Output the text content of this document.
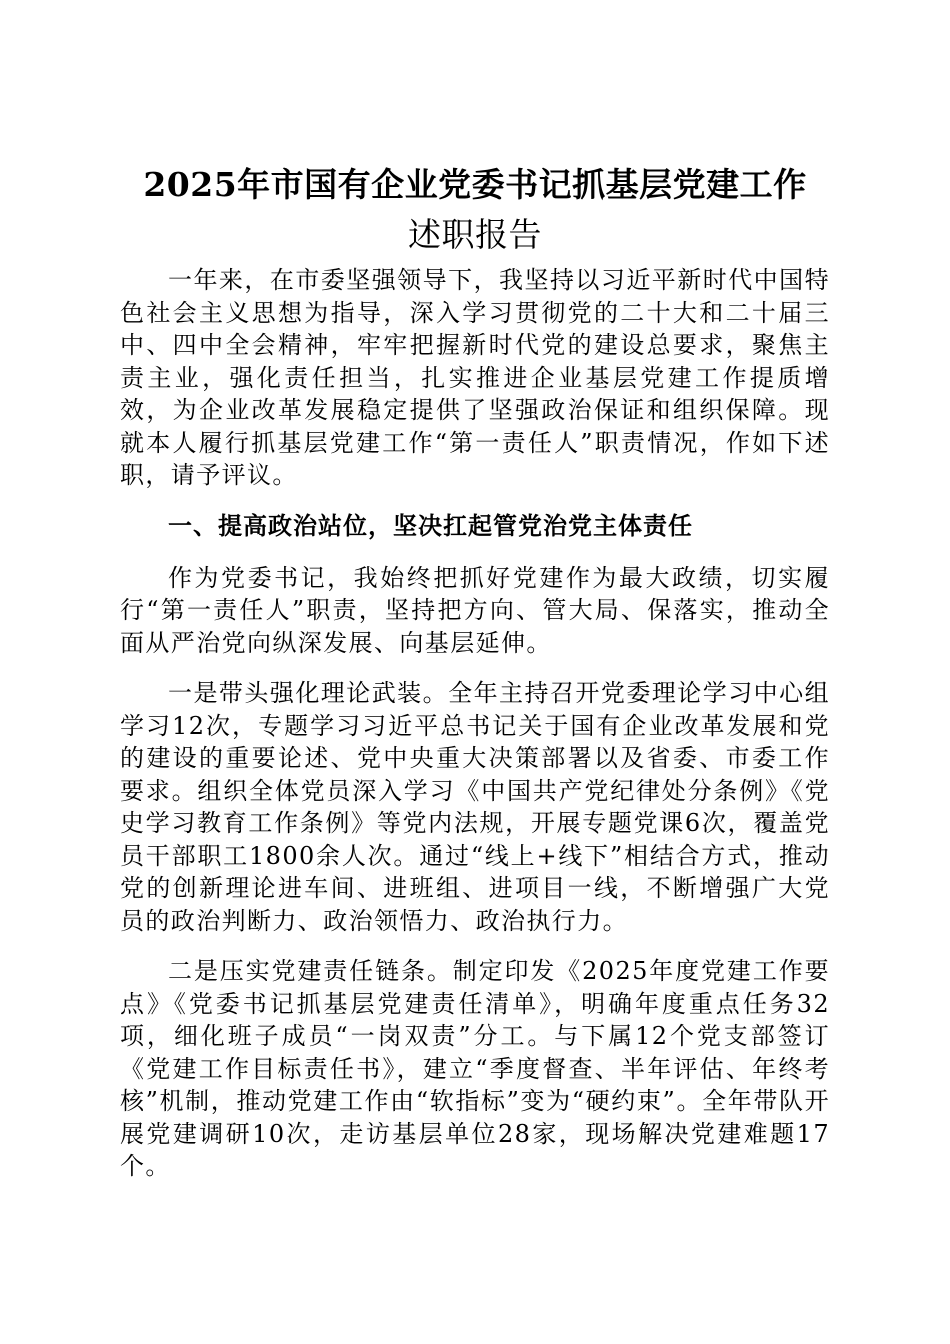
2025年市国有企业党委书记抓基层党建工作
述职报告

一年来，在市委坚强领导下，我坚持以习近平新时代中国特色社会主义思想为指导，深入学习贯彻党的二十大和二十届三中、四中全会精神，牢牢把握新时代党的建设总要求，聚焦主责主业，强化责任担当，扎实推进企业基层党建工作提质增效，为企业改革发展稳定提供了坚强政治保证和组织保障。现就本人履行抓基层党建工作“第一责任人”职责情况，作如下述职，请予评议。

一、提高政治站位，坚决扛起管党治党主体责任

作为党委书记，我始终把抓好党建作为最大政绩，切实履行“第一责任人”职责，坚持把方向、管大局、保落实，推动全面从严治党向纵深发展、向基层延伸。

一是带头强化理论武装。全年主持召开党委理论学习中心组学习12次，专题学习习近平总书记关于国有企业改革发展和党的建设的重要论述、党中央重大决策部署以及省委、市委工作要求。组织全体党员深入学习《中国共产党纪律处分条例》《党史学习教育工作条例》等党内法规，开展专题党课6次，覆盖党员干部职工1800余人次。通过“线上+线下”相结合方式，推动党的创新理论进车间、进班组、进项目一线，不断增强广大党员的政治判断力、政治领悟力、政治执行力。

二是压实党建责任链条。制定印发《2025年度党建工作要点》《党委书记抓基层党建责任清单》，明确年度重点任务32项，细化班子成员“一岗双责”分工。与下属12个党支部签订《党建工作目标责任书》，建立“季度督查、半年评估、年终考核”机制，推动党建工作由“软指标”变为“硬约束”。全年带队开展党建调研10次，走访基层单位28家，现场解决党建难题17个。
